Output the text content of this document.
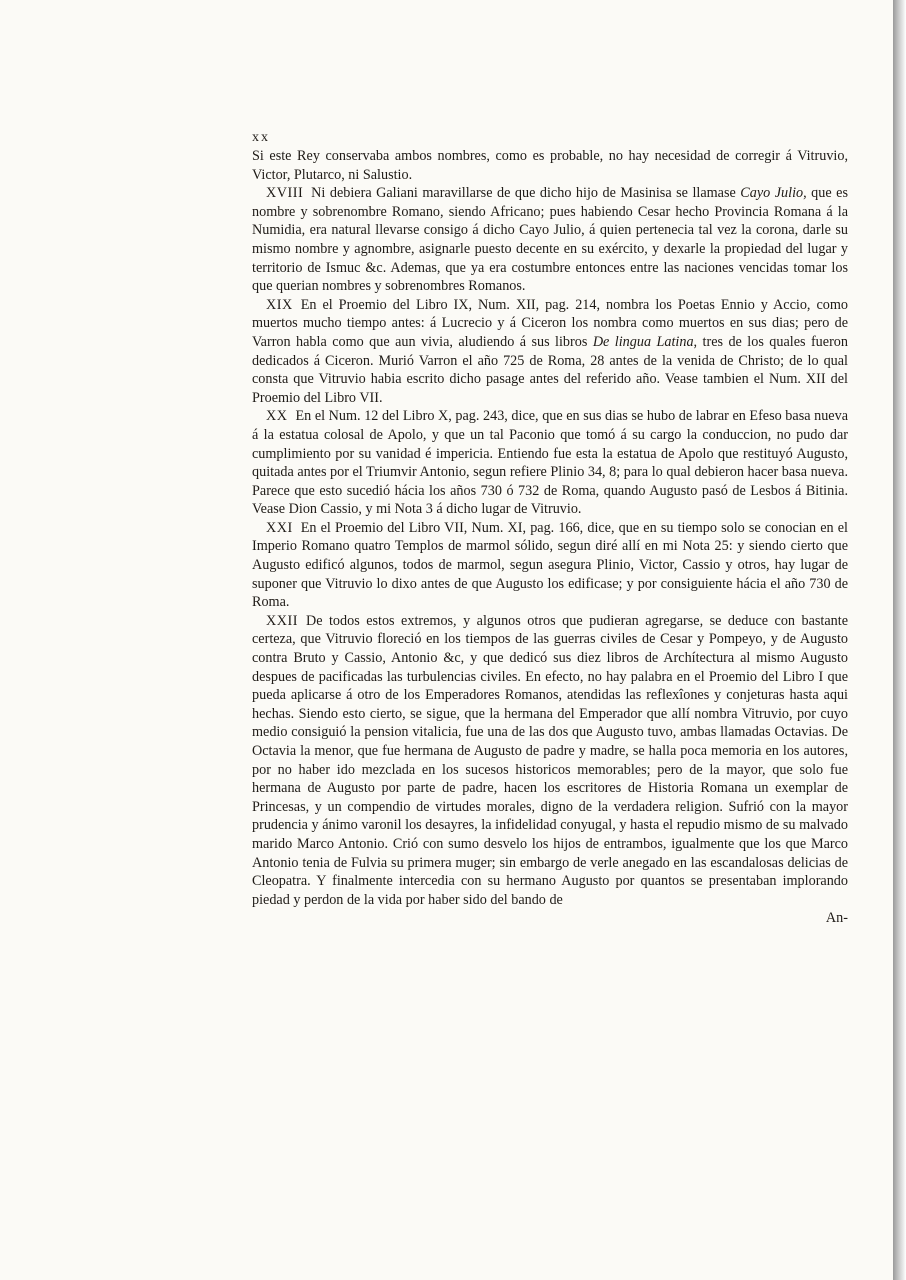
xx

Si este Rey conservaba ambos nombres, como es probable, no hay necesidad de corregir á Vitruvio, Victor, Plutarco, ni Salustio.

XVIII Ni debiera Galiani maravillarse de que dicho hijo de Masinisa se llamase Cayo Julio, que es nombre y sobrenombre Romano, siendo Africano; pues habiendo Cesar hecho Provincia Romana á la Numidia, era natural llevarse consigo á dicho Cayo Julio, á quien pertenecia tal vez la corona, darle su mismo nombre y agnombre, asignarle puesto decente en su exército, y dexarle la propiedad del lugar y territorio de Ismuc &c. Ademas, que ya era costumbre entonces entre las naciones vencidas tomar los que querian nombres y sobrenombres Romanos.

XIX En el Proemio del Libro IX, Num. XII, pag. 214, nombra los Poetas Ennio y Accio, como muertos mucho tiempo antes: á Lucrecio y á Ciceron los nombra como muertos en sus dias; pero de Varron habla como que aun vivia, aludiendo á sus libros De lingua Latina, tres de los quales fueron dedicados á Ciceron. Murió Varron el año 725 de Roma, 28 antes de la venida de Christo; de lo qual consta que Vitruvio habia escrito dicho pasage antes del referido año. Vease tambien el Num. XII del Proemio del Libro VII.

XX En el Num. 12 del Libro X, pag. 243, dice, que en sus dias se hubo de labrar en Efeso basa nueva á la estatua colosal de Apolo, y que un tal Paconio que tomó á su cargo la conduccion, no pudo dar cumplimiento por su vanidad é impericia. Entiendo fue esta la estatua de Apolo que restituyó Augusto, quitada antes por el Triumvir Antonio, segun refiere Plinio 34, 8; para lo qual debieron hacer basa nueva. Parece que esto sucedió hácia los años 730 ó 732 de Roma, quando Augusto pasó de Lesbos á Bitinia. Vease Dion Cassio, y mi Nota 3 á dicho lugar de Vitruvio.

XXI En el Proemio del Libro VII, Num. XI, pag. 166, dice, que en su tiempo solo se conocian en el Imperio Romano quatro Templos de marmol sólido, segun diré allí en mi Nota 25: y siendo cierto que Augusto edificó algunos, todos de marmol, segun asegura Plinio, Victor, Cassio y otros, hay lugar de suponer que Vitruvio lo dixo antes de que Augusto los edificase; y por consiguiente hácia el año 730 de Roma.

XXII De todos estos extremos, y algunos otros que pudieran agregarse, se deduce con bastante certeza, que Vitruvio floreció en los tiempos de las guerras civiles de Cesar y Pompeyo, y de Augusto contra Bruto y Cassio, Antonio &c, y que dedicó sus diez libros de Archítectura al mismo Augusto despues de pacificadas las turbulencias civiles. En efecto, no hay palabra en el Proemio del Libro I que pueda aplicarse á otro de los Emperadores Romanos, atendidas las reflexîones y conjeturas hasta aqui hechas. Siendo esto cierto, se sigue, que la hermana del Emperador que allí nombra Vitruvio, por cuyo medio consiguió la pension vitalicia, fue una de las dos que Augusto tuvo, ambas llamadas Octavias. De Octavia la menor, que fue hermana de Augusto de padre y madre, se halla poca memoria en los autores, por no haber ido mezclada en los sucesos historicos memorables; pero de la mayor, que solo fue hermana de Augusto por parte de padre, hacen los escritores de Historia Romana un exemplar de Princesas, y un compendio de virtudes morales, digno de la verdadera religion. Sufrió con la mayor prudencia y ánimo varonil los desayres, la infidelidad conyugal, y hasta el repudio mismo de su malvado marido Marco Antonio. Crió con sumo desvelo los hijos de entrambos, igualmente que los que Marco Antonio tenia de Fulvia su primera muger; sin embargo de verle anegado en las escandalosas delicias de Cleopatra. Y finalmente intercedia con su hermano Augusto por quantos se presentaban implorando piedad y perdon de la vida por haber sido del bando de

An-
